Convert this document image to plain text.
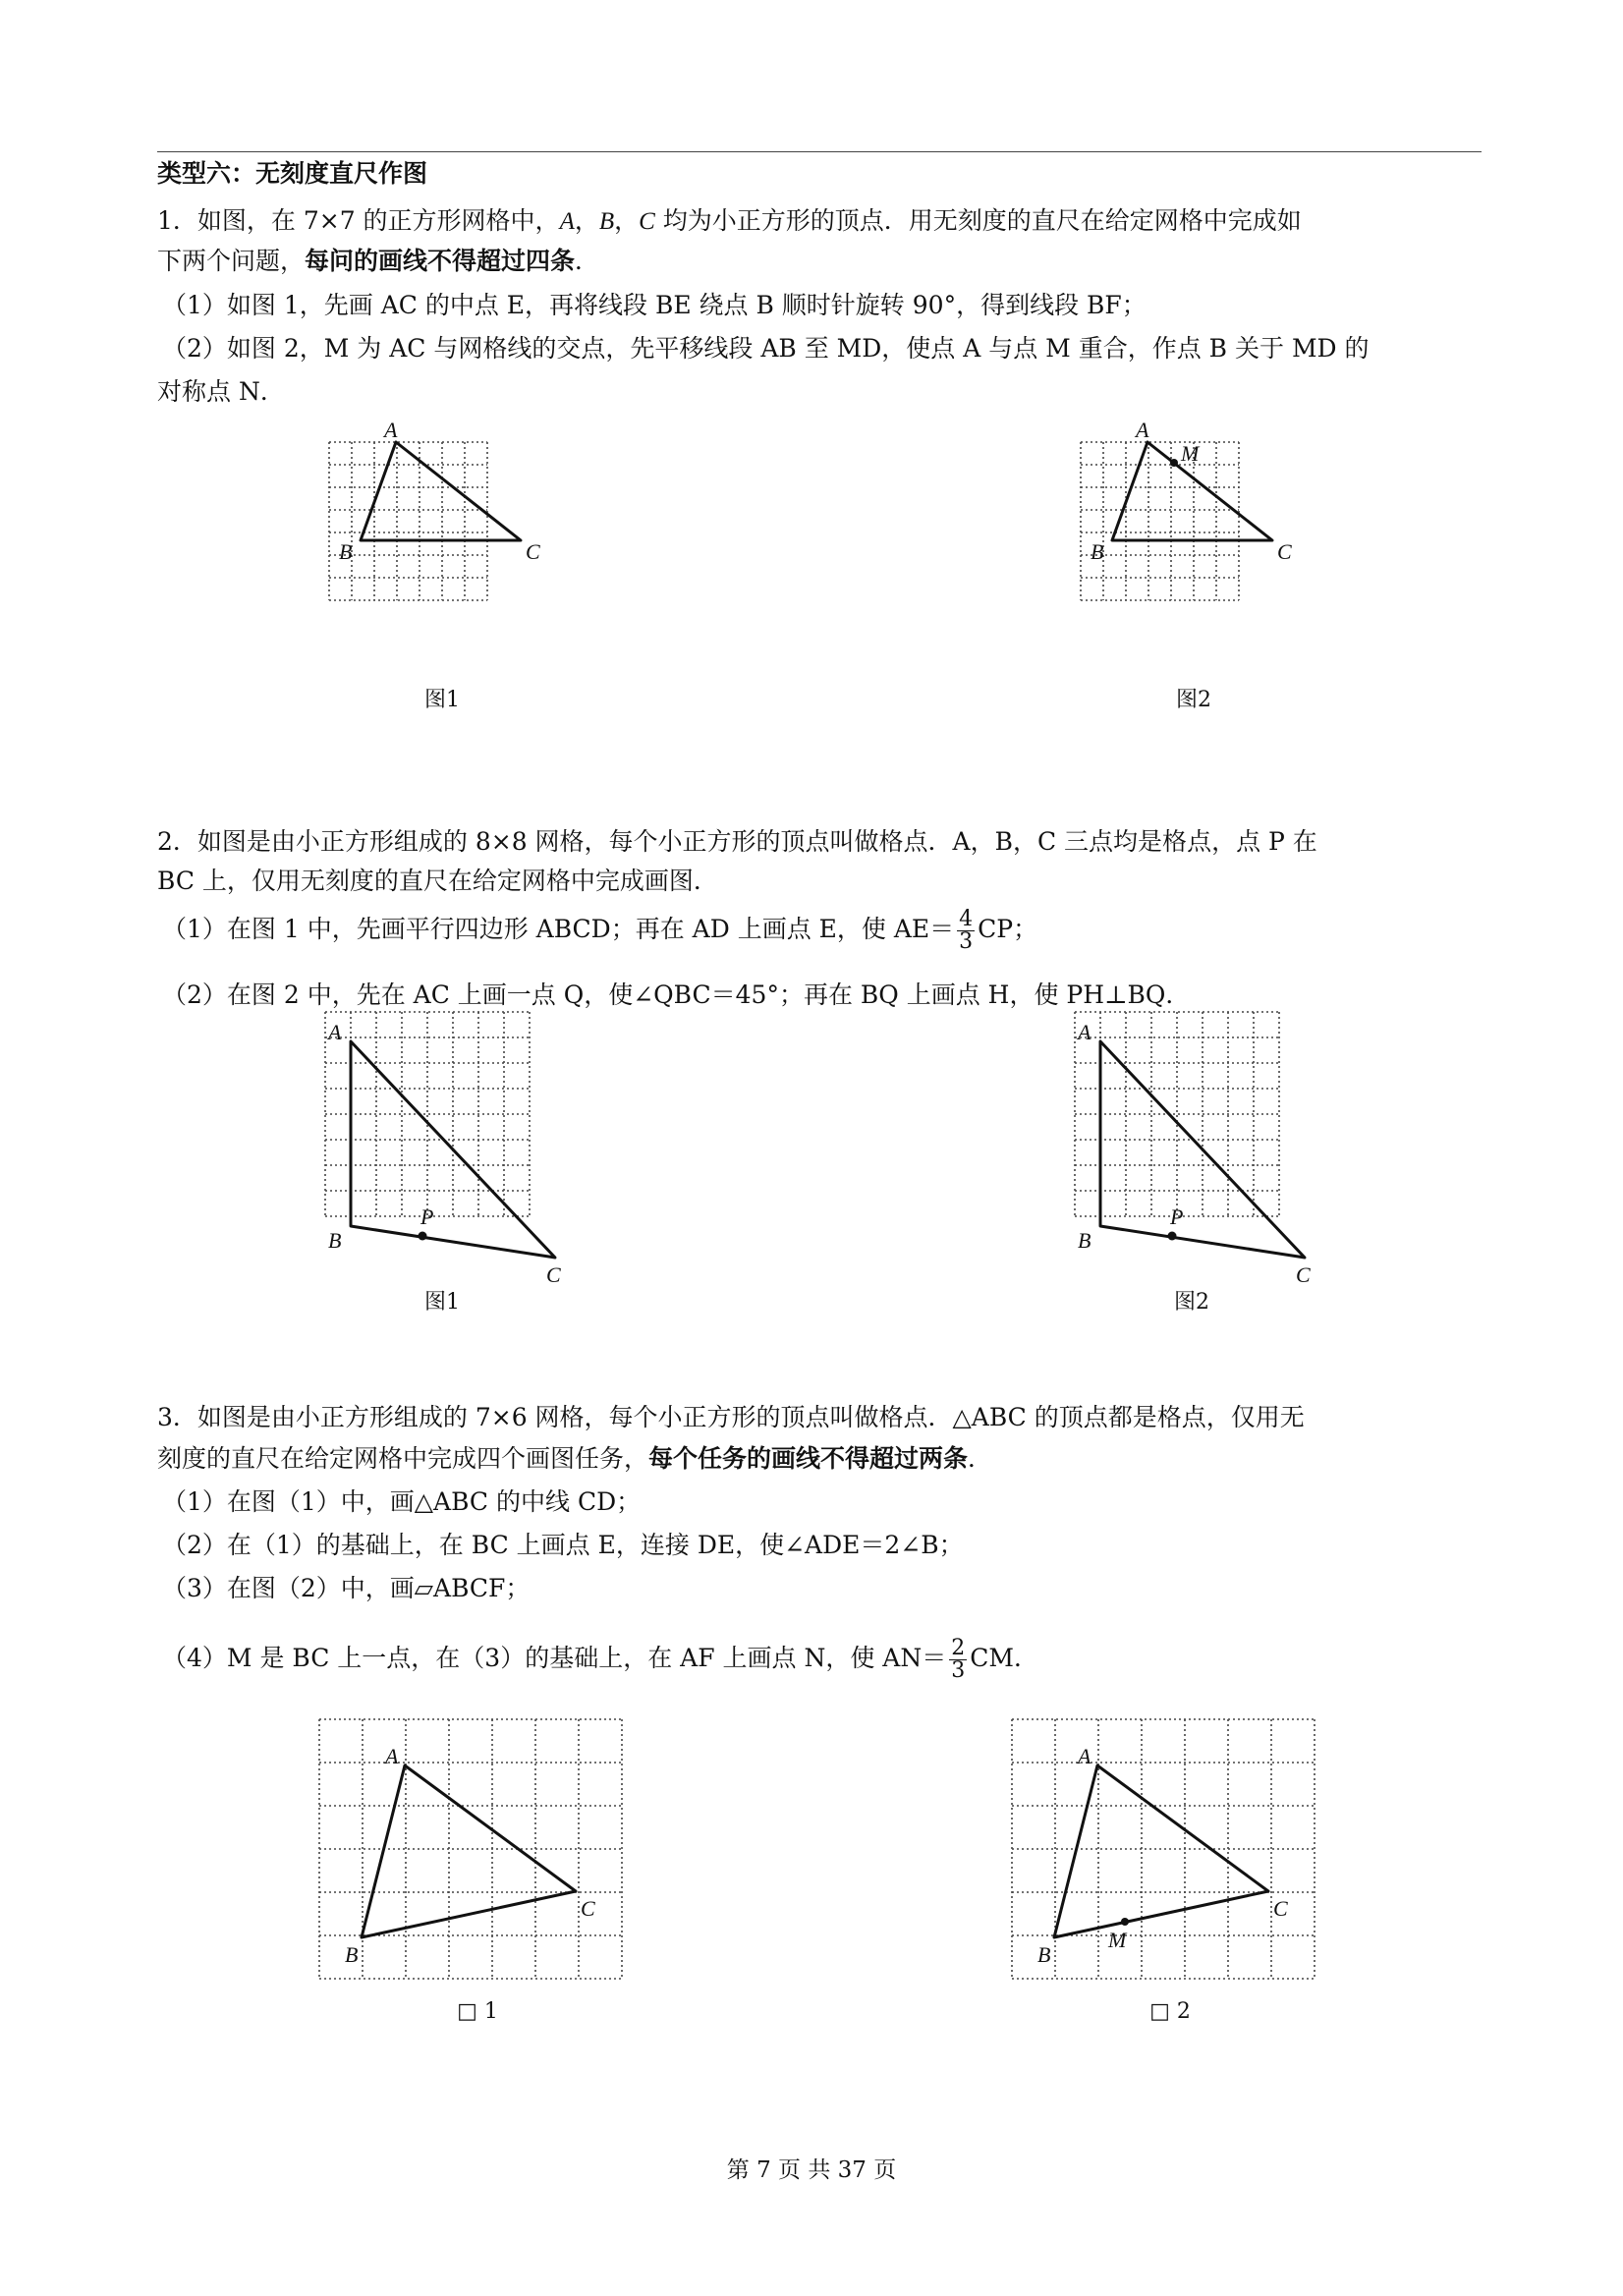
类型六：无刻度直尺作图
1．如图，在 7×7 的正方形网格中，A，B，C 均为小正方形的顶点．用无刻度的直尺在给定网格中完成如
下两个问题，每问的画线不得超过四条．
（1）如图 1，先画 AC 的中点 E，再将线段 BE 绕点 B 顺时针旋转 90°，得到线段 BF；
（2）如图 2，M 为 AC 与网格线的交点，先平移线段 AB 至 MD，使点 A 与点 M 重合，作点 B 关于 MD 的
对称点 N．
A
B	C
图1
A
M
B	C
图2
2．如图是由小正方形组成的 8×8 网格，每个小正方形的顶点叫做格点．A，B，C 三点均是格点，点 P 在
BC 上，仅用无刻度的直尺在给定网格中完成画图．
（1）在图 1 中，先画平行四边形 ABCD；再在 AD 上画点 E，使 $AE= \frac{4}{3}$ CP；
（2）在图 2 中，先在 AC 上画一点 Q，使∠QBC＝45°；再在 BQ 上画点 H，使 PH⊥BQ．
A
B
P
C
图1
A
B
P
C
图2
3．如图是由小正方形组成的 7×6 网格，每个小正方形的顶点叫做格点．△ABC 的顶点都是格点，仅用无
刻度的直尺在给定网格中完成四个画图任务，每个任务的画线不得超过两条．
（1）在图（1）中，画△ABC 的中线 CD；
（2）在（1）的基础上，在 BC 上画点 E，连接 DE，使∠ADE＝2∠B；
（3）在图（2）中，画▱ABCF；
（4）M 是 BC 上一点，在（3）的基础上，在 AF 上画点 N，使 $AN= \frac{2}{3}$ CM．
A
B
C
□ 1
A
B
M
C
□ 2
第 7 页 共 37 页
